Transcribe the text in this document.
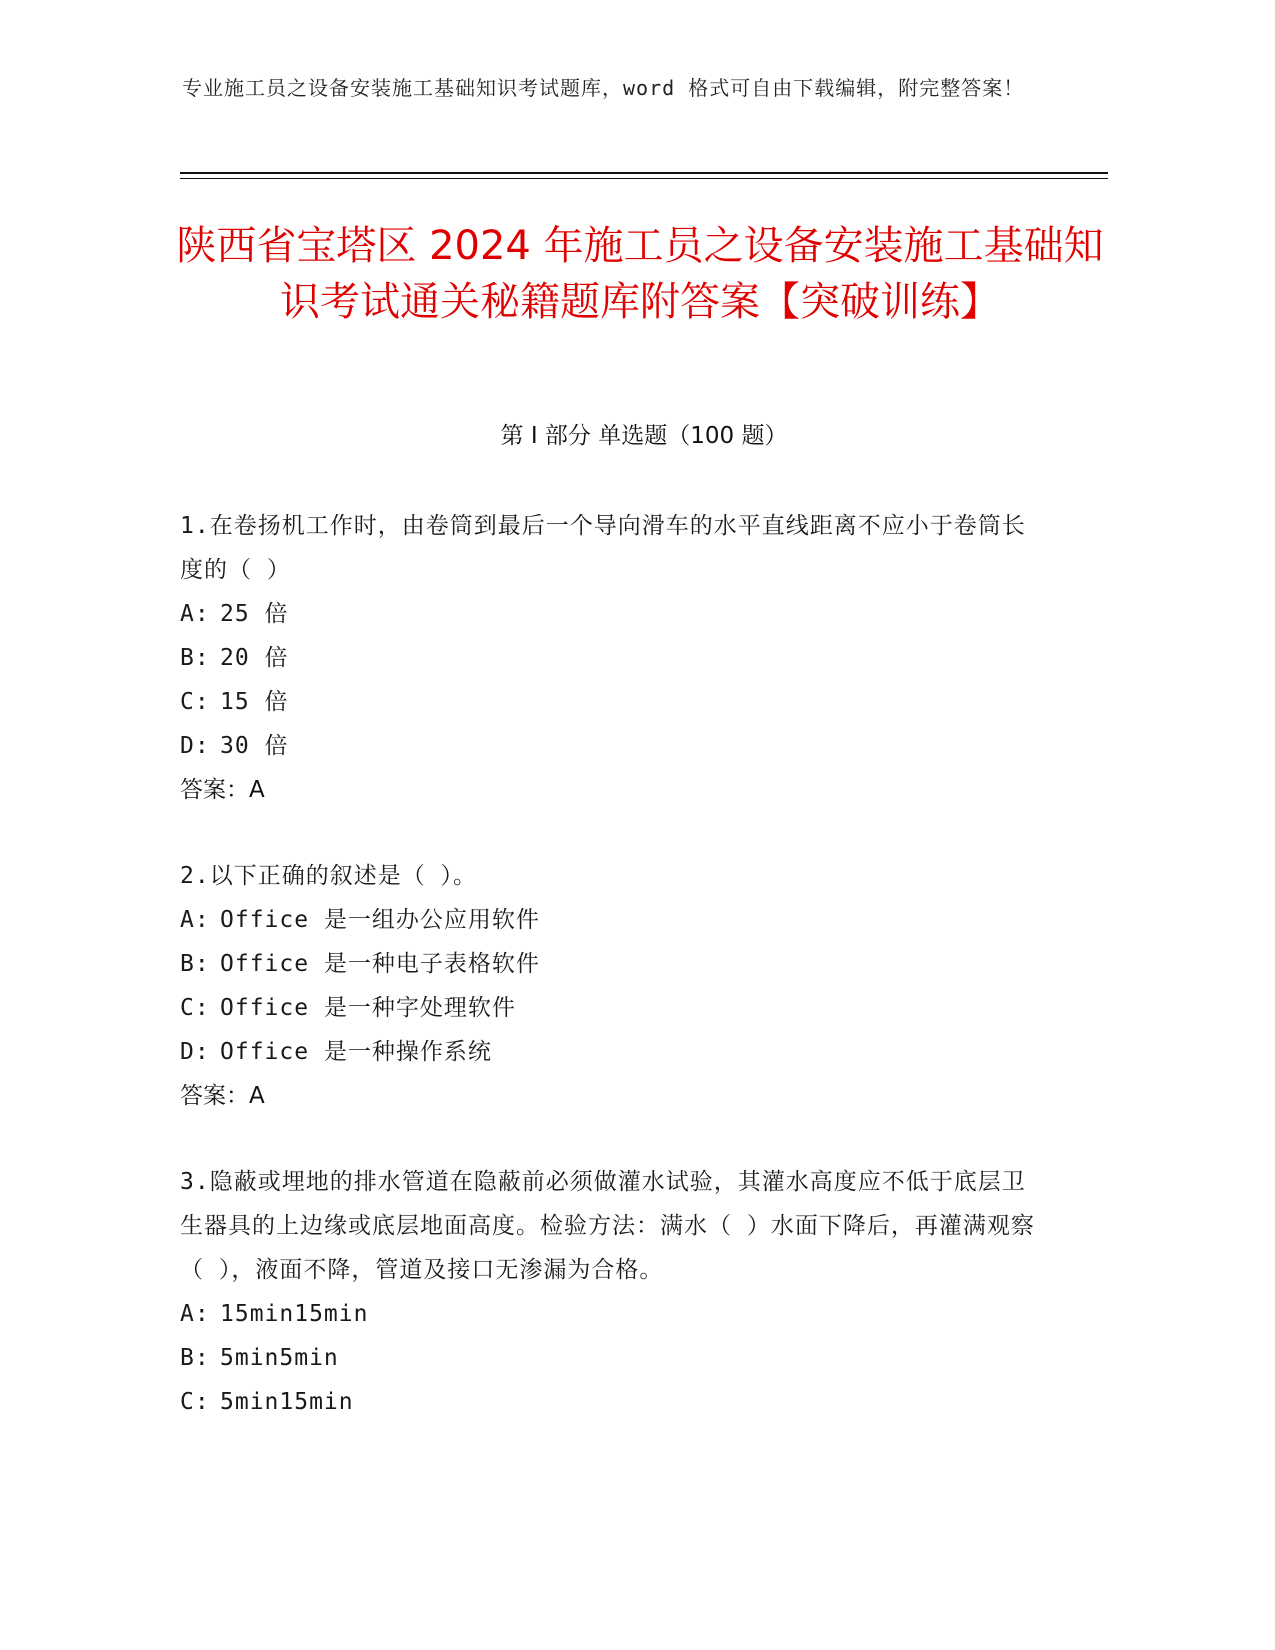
专业施工员之设备安装施工基础知识考试题库，word 格式可自由下载编辑，附完整答案！
陕西省宝塔区 2024 年施工员之设备安装施工基础知识考试通关秘籍题库附答案【突破训练】
第 I 部分 单选题（100 题）
1.在卷扬机工作时，由卷筒到最后一个导向滑车的水平直线距离不应小于卷筒长度的（ ）
A: 25 倍
B: 20 倍
C: 15 倍
D: 30 倍
答案：A
2.以下正确的叙述是（ ）。
A: Office 是一组办公应用软件
B: Office 是一种电子表格软件
C: Office 是一种字处理软件
D: Office 是一种操作系统
答案：A
3.隐蔽或埋地的排水管道在隐蔽前必须做灌水试验，其灌水高度应不低于底层卫生器具的上边缘或底层地面高度。检验方法：满水（ ）水面下降后，再灌满观察（ ），液面不降，管道及接口无渗漏为合格。
A: 15min15min
B: 5min5min
C: 5min15min
